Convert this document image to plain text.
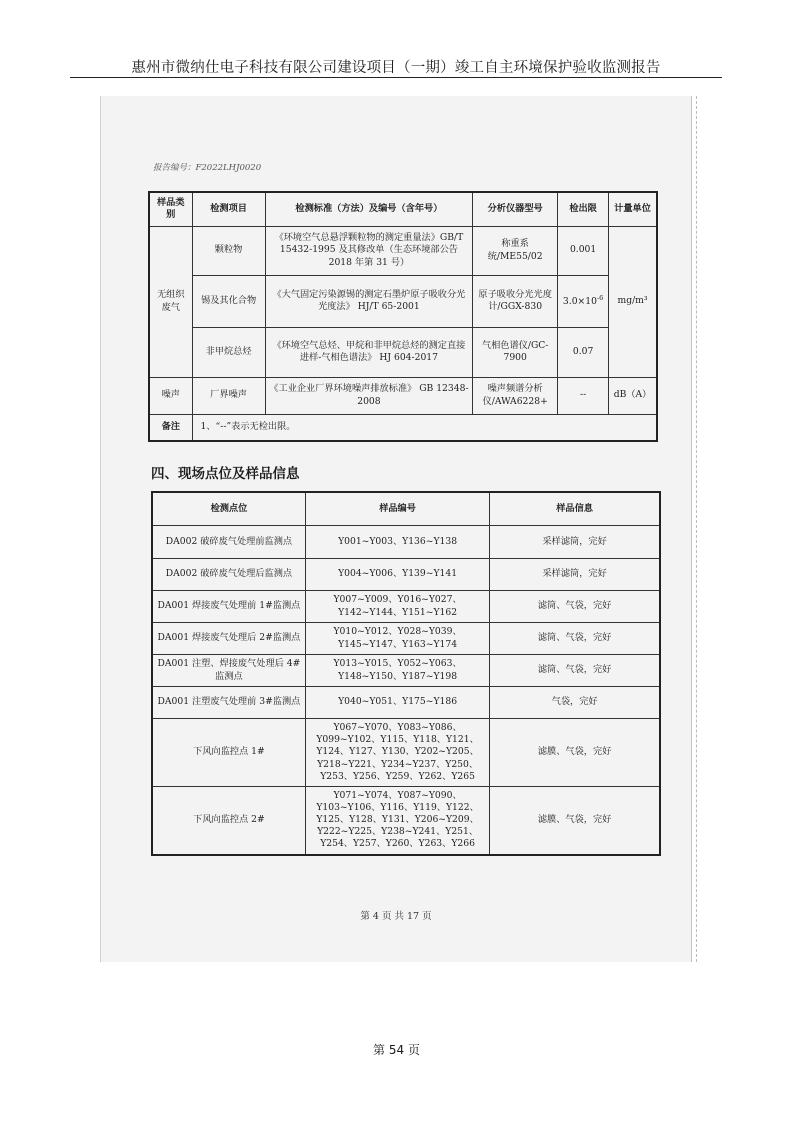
惠州市微纳仕电子科技有限公司建设项目（一期）竣工自主环境保护验收监测报告
报告编号：F2022LHJ0020
样品类别	检测项目	检测标准（方法）及编号（含年号）	分析仪器型号	检出限	计量单位
无组织废气	颗粒物	《环境空气总悬浮颗粒物的测定重量法》GB/T 15432-1995 及其修改单（生态环境部公告 2018 年第 31 号）	称重系统/ME55/02	0.001	mg/m³
	锡及其化合物	《大气固定污染源锡的测定石墨炉原子吸收分光光度法》 HJ/T 65-2001	原子吸收分光光度计/GGX-830	$3.0\times 10^{-6}$
	非甲烷总烃	《环境空气总烃、甲烷和非甲烷总烃的测定直接进样-气相色谱法》 HJ 604-2017	气相色谱仪/GC-7900	0.07	
噪声	厂界噪声	《工业企业厂界环境噪声排放标准》 GB 12348-2008	噪声频谱分析仪/AWA6228+	--	dB（A）
备注	1、“--”表示无检出限。				
四、现场点位及样品信息
检测点位	样品编号	样品信息
DA002 破碎废气处理前监测点	Y001~Y003、Y136~Y138	采样滤筒，完好
DA002 破碎废气处理后监测点	Y004~Y006、Y139~Y141	采样滤筒，完好
DA001 焊接废气处理前 1#监测点	Y007~Y009、Y016~Y027、Y142~Y144、Y151~Y162	滤筒、气袋，完好
DA001 焊接废气处理后 2#监测点	Y010~Y012、Y028~Y039、Y145~Y147、Y163~Y174	滤筒、气袋，完好
DA001 注塑、焊接废气处理后 4#监测点	Y013~Y015、Y052~Y063、Y148~Y150、Y187~Y198	滤筒、气袋，完好
DA001 注塑废气处理前 3#监测点	Y040~Y051、Y175~Y186	气袋，完好
下风向监控点 1#	Y067~Y070、Y083~Y086、Y099~Y102、Y115、Y118、Y121、Y124、Y127、Y130、Y202~Y205、Y218~Y221、Y234~Y237、Y250、Y253、Y256、Y259、Y262、Y265	滤膜、气袋，完好
下风向监控点 2#	Y071~Y074、Y087~Y090、Y103~Y106、Y116、Y119、Y122、Y125、Y128、Y131、Y206~Y209、Y222~Y225、Y238~Y241、Y251、Y254、Y257、Y260、Y263、Y266	滤膜、气袋，完好
第 4 页 共 17 页
第 54 页
